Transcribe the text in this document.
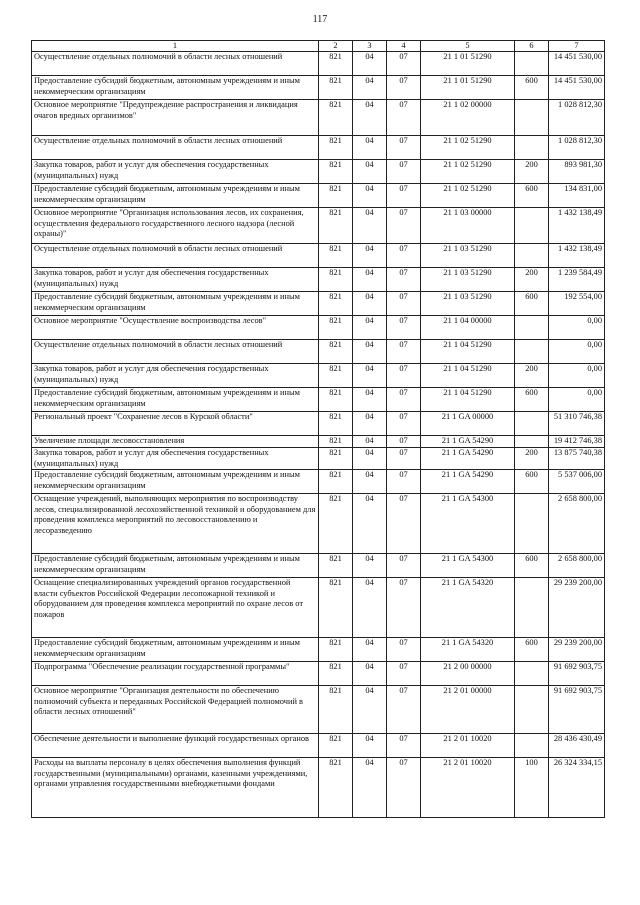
117
1	2	3	4	5	6	7
Осуществление отдельных полномочий в области лесных отношений	821	04	07	21 1 01 51290		14 451 530,00
Предоставление субсидий бюджетным, автономным учреждениям и иным некоммерческим организациям	821	04	07	21 1 01 51290	600	14 451 530,00
Основное мероприятие "Предупреждение распространения и ликвидация очагов вредных организмов"	821	04	07	21 1 02 00000		1 028 812,30
Осуществление отдельных полномочий в области лесных отношений	821	04	07	21 1 02 51290		1 028 812,30
Закупка товаров, работ и услуг для обеспечения государственных (муниципальных) нужд	821	04	07	21 1 02 51290	200	893 981,30
Предоставление субсидий бюджетным, автономным учреждениям и иным некоммерческим организациям	821	04	07	21 1 02 51290	600	134 831,00
Основное мероприятие "Организация использования лесов, их сохранения, осуществления федерального государственного лесного надзора (лесной охраны)"	821	04	07	21 1 03 00000		1 432 138,49
Осуществление отдельных полномочий в области лесных отношений	821	04	07	21 1 03 51290		1 432 138,49
Закупка товаров, работ и услуг для обеспечения государственных (муниципальных) нужд	821	04	07	21 1 03 51290	200	1 239 584,49
Предоставление субсидий бюджетным, автономным учреждениям и иным некоммерческим организациям	821	04	07	21 1 03 51290	600	192 554,00
Основное мероприятие "Осуществление воспроизводства лесов"	821	04	07	21 1 04 00000		0,00
Осуществление отдельных полномочий в области лесных отношений	821	04	07	21 1 04 51290		0,00
Закупка товаров, работ и услуг для обеспечения государственных (муниципальных) нужд	821	04	07	21 1 04 51290	200	0,00
Предоставление субсидий бюджетным, автономным учреждениям и иным некоммерческим организациям	821	04	07	21 1 04 51290	600	0,00
Региональный проект "Сохранение лесов в Курской области"	821	04	07	21 1 GA 00000		51 310 746,38
Увеличение площади лесовосстановления	821	04	07	21 1 GA 54290		19 412 746,38
Закупка товаров, работ и услуг для обеспечения государственных (муниципальных) нужд	821	04	07	21 1 GA 54290	200	13 875 740,38
Предоставление субсидий бюджетным, автономным учреждениям и иным некоммерческим организациям	821	04	07	21 1 GA 54290	600	5 537 006,00
Оснащение учреждений, выполняющих мероприятия по воспроизводству лесов, специализированной лесохозяйственной техникой и оборудованием для проведения комплекса мероприятий по лесовосстановлению и лесоразведению	821	04	07	21 1 GA 54300		2 658 800,00
Предоставление субсидий бюджетным, автономным учреждениям и иным некоммерческим организациям	821	04	07	21 1 GA 54300	600	2 658 800,00
Оснащение специализированных учреждений органов государственной власти субъектов Российской Федерации лесопожарной техникой и оборудованием для проведения комплекса мероприятий по охране лесов от пожаров	821	04	07	21 1 GA 54320		29 239 200,00
Предоставление субсидий бюджетным, автономным учреждениям и иным некоммерческим организациям	821	04	07	21 1 GA 54320	600	29 239 200,00
Подпрограмма "Обеспечение реализации государственной программы"	821	04	07	21 2 00 00000		91 692 903,75
Основное мероприятие "Организация деятельности по обеспечению полномочий субъекта и переданных Российской Федерацией полномочий в области лесных отношений"	821	04	07	21 2 01 00000		91 692 903,75
Обеспечение деятельности и выполнение функций государственных органов	821	04	07	21 2 01 10020		28 436 430,49
Расходы на выплаты персоналу в целях обеспечения выполнения функций государственными (муниципальными) органами, казенными учреждениями, органами управления государственными внебюджетными фондами	821	04	07	21 2 01 10020	100	26 324 334,15
